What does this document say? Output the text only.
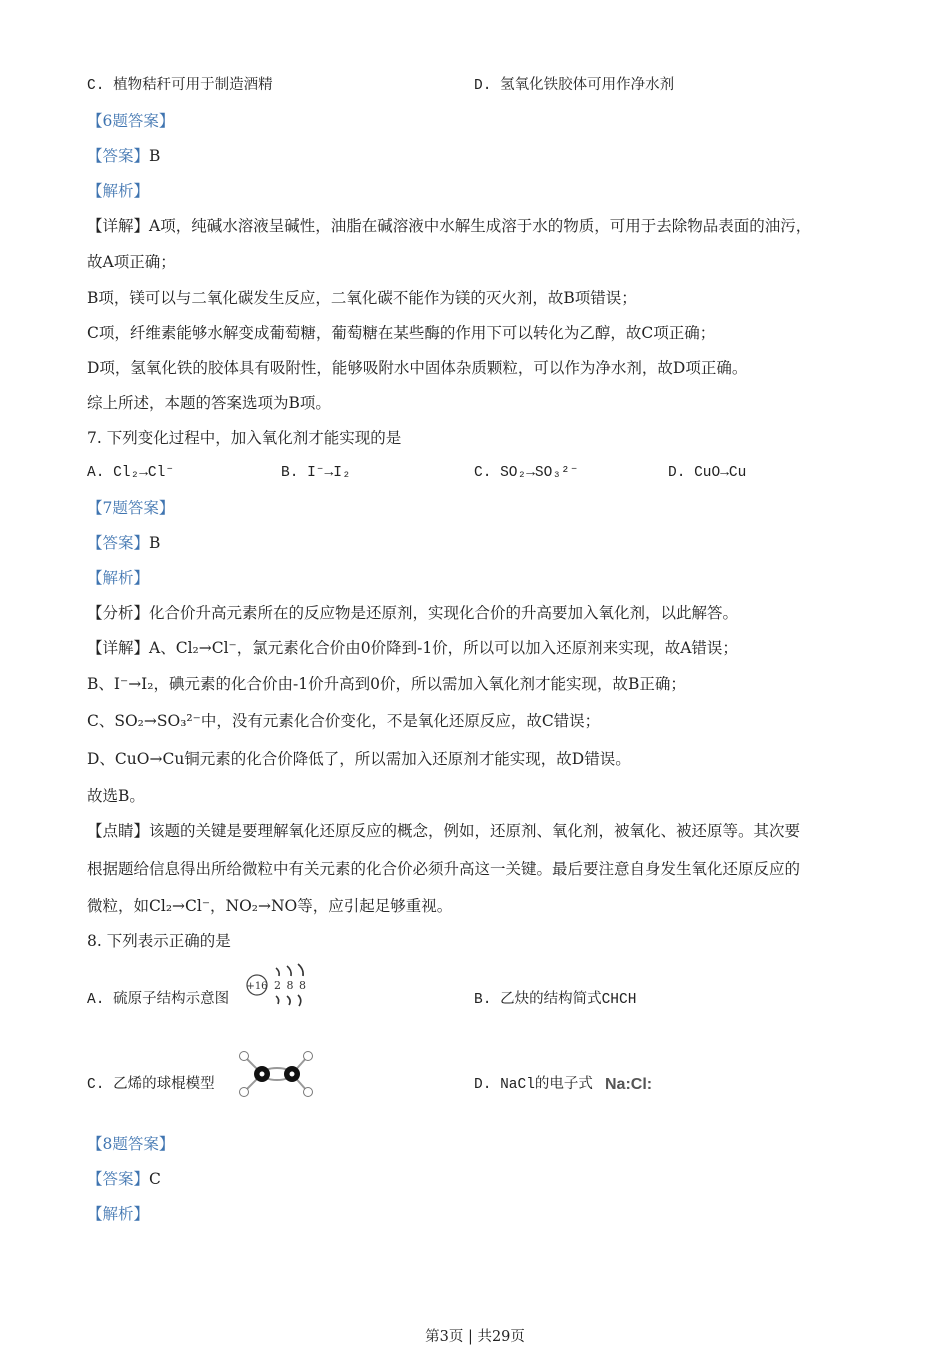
C. 植物秸秆可用于制造酒精	D. 氢氧化铁胶体可用作净水剂
【6题答案】
【答案】B
【解析】
【详解】A项，纯碱水溶液呈碱性，油脂在碱溶液中水解生成溶于水的物质，可用于去除物品表面的油污，
故A项正确；
B项，镁可以与二氧化碳发生反应，二氧化碳不能作为镁的灭火剂，故B项错误；
C项，纤维素能够水解变成葡萄糖，葡萄糖在某些酶的作用下可以转化为乙醇，故C项正确；
D项，氢氧化铁的胶体具有吸附性，能够吸附水中固体杂质颗粒，可以作为净水剂，故D项正确。
综上所述，本题的答案选项为B项。
7. 下列变化过程中，加入氧化剂才能实现的是
A. Cl₂→Cl⁻	B. I⁻→I₂	C. SO₂→SO₃²⁻	D. CuO→Cu
【7题答案】
【答案】B
【解析】
【分析】化合价升高元素所在的反应物是还原剂，实现化合价的升高要加入氧化剂，以此解答。
【详解】A、Cl₂→Cl⁻，氯元素化合价由0价降到-1价，所以可以加入还原剂来实现，故A错误；
B、I⁻→I₂，碘元素的化合价由-1价升高到0价，所以需加入氧化剂才能实现，故B正确；
C、SO₂→SO₃²⁻中，没有元素化合价变化，不是氧化还原反应，故C错误；
D、CuO→Cu铜元素的化合价降低了，所以需加入还原剂才能实现，故D错误。
故选B。
【点睛】该题的关键是要理解氧化还原反应的概念，例如，还原剂、氧化剂，被氧化、被还原等。其次要
根据题给信息得出所给微粒中有关元素的化合价必须升高这一关键。最后要注意自身发生氧化还原反应的
微粒，如Cl₂→Cl⁻，NO₂→NO等，应引起足够重视。
8. 下列表示正确的是
A. 硫原子结构示意图
+16 2 8 8
B. 乙炔的结构简式CHCH
C. 乙烯的球棍模型	D. NaCl的电子式 Na:Cl:
【8题答案】
【答案】C
【解析】
第3页 | 共29页
